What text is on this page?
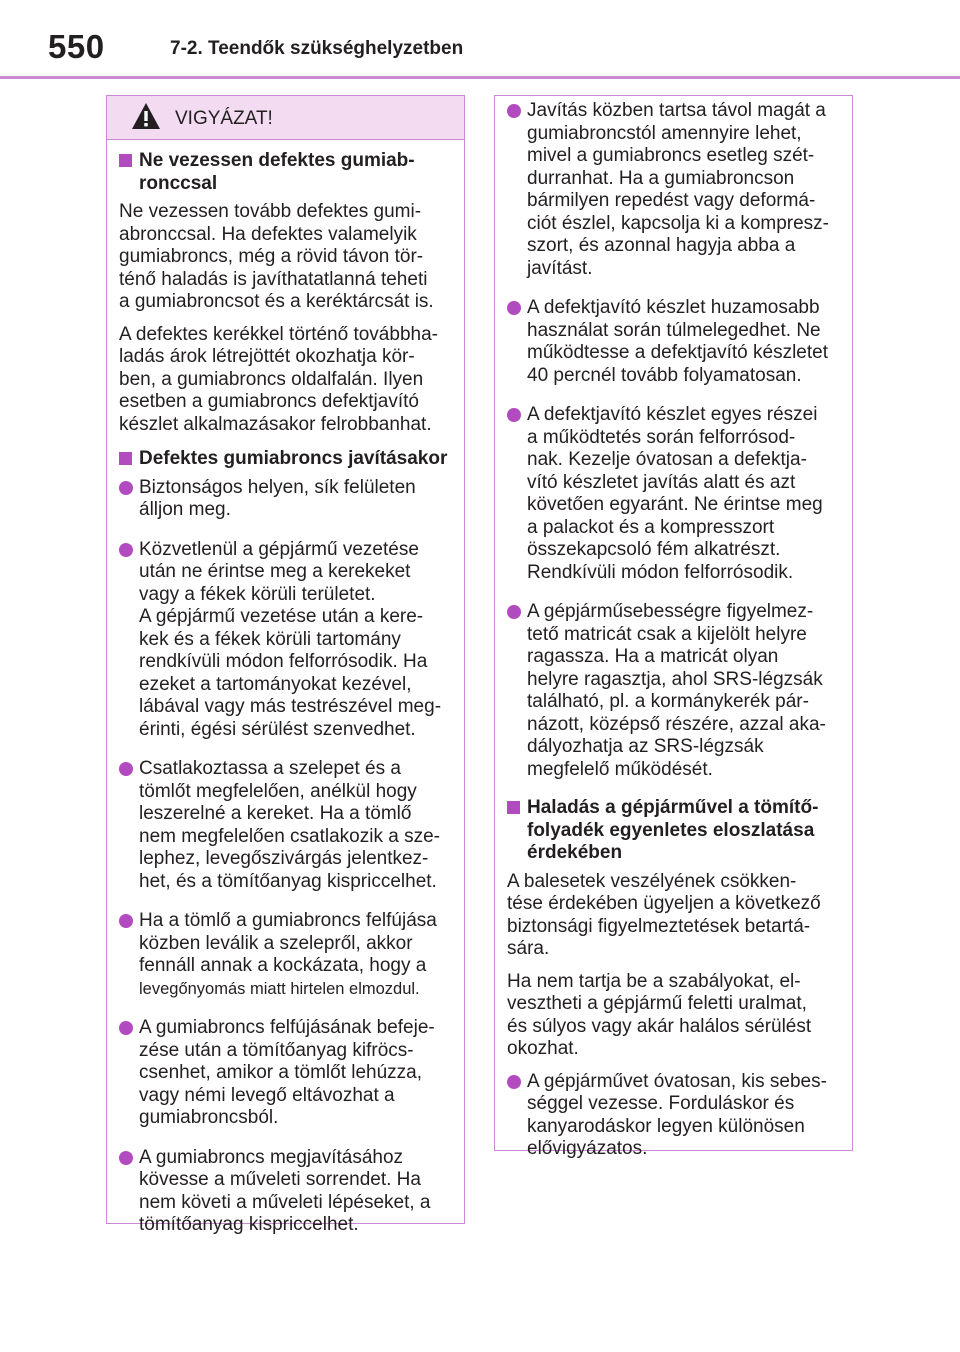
550	7-2. Teendők szükséghelyzetben
VIGYÁZAT!
Ne vezessen defektes gumiab-
ronccsal
Ne vezessen tovább defektes gumi-
abronccsal. Ha defektes valamelyik
gumiabroncs, még a rövid távon tör-
ténő haladás is javíthatatlanná teheti
a gumiabroncsot és a keréktárcsát is.
A defektes kerékkel történő továbbha-
ladás árok létrejöttét okozhatja kör-
ben, a gumiabroncs oldalfalán. Ilyen
esetben a gumiabroncs defektjavító
készlet alkalmazásakor felrobbanhat.
Defektes gumiabroncs javításakor
Biztonságos helyen, sík felületen
álljon meg.
Közvetlenül a gépjármű vezetése
után ne érintse meg a kerekeket
vagy a fékek körüli területet.
A gépjármű vezetése után a kere-
kek és a fékek körüli tartomány
rendkívüli módon felforrósodik. Ha
ezeket a tartományokat kezével,
lábával vagy más testrészével meg-
érinti, égési sérülést szenvedhet.
Csatlakoztassa a szelepet és a
tömlőt megfelelően, anélkül hogy
leszerelné a kereket. Ha a tömlő
nem megfelelően csatlakozik a sze-
lephez, levegőszivárgás jelentkez-
het, és a tömítőanyag kispriccelhet.
Ha a tömlő a gumiabroncs felfújása
közben leválik a szelepről, akkor
fennáll annak a kockázata, hogy a
levegőnyomás miatt hirtelen elmozdul.
A gumiabroncs felfújásának befeje-
zése után a tömítőanyag kifröcs-
csenhet, amikor a tömlőt lehúzza,
vagy némi levegő eltávozhat a
gumiabroncsból.
A gumiabroncs megjavításához
kövesse a műveleti sorrendet. Ha
nem követi a műveleti lépéseket, a
tömítőanyag kispriccelhet.
Javítás közben tartsa távol magát a
gumiabroncstól amennyire lehet,
mivel a gumiabroncs esetleg szét-
durranhat. Ha a gumiabroncson
bármilyen repedést vagy deformá-
ciót észlel, kapcsolja ki a kompresz-
szort, és azonnal hagyja abba a
javítást.
A defektjavító készlet huzamosabb
használat során túlmelegedhet. Ne
működtesse a defektjavító készletet
40 percnél tovább folyamatosan.
A defektjavító készlet egyes részei
a működtetés során felforrósod-
nak. Kezelje óvatosan a defektja-
vító készletet javítás alatt és azt
követően egyaránt. Ne érintse meg
a palackot és a kompresszort
összekapcsoló fém alkatrészt.
Rendkívüli módon felforrósodik.
A gépjárműsebességre figyelmez-
tető matricát csak a kijelölt helyre
ragassza. Ha a matricát olyan
helyre ragasztja, ahol SRS-légzsák
található, pl. a kormánykerék pár-
názott, középső részére, azzal aka-
dályozhatja az SRS-légzsák
megfelelő működését.
Haladás a gépjárművel a tömítő-
folyadék egyenletes eloszlatása
érdekében
A balesetek veszélyének csökken-
tése érdekében ügyeljen a következő
biztonsági figyelmeztetések betartá-
sára.
Ha nem tartja be a szabályokat, el-
vesztheti a gépjármű feletti uralmat,
és súlyos vagy akár halálos sérülést
okozhat.
A gépjárművet óvatosan, kis sebes-
séggel vezesse. Forduláskor és
kanyarodáskor legyen különösen
elővigyázatos.
